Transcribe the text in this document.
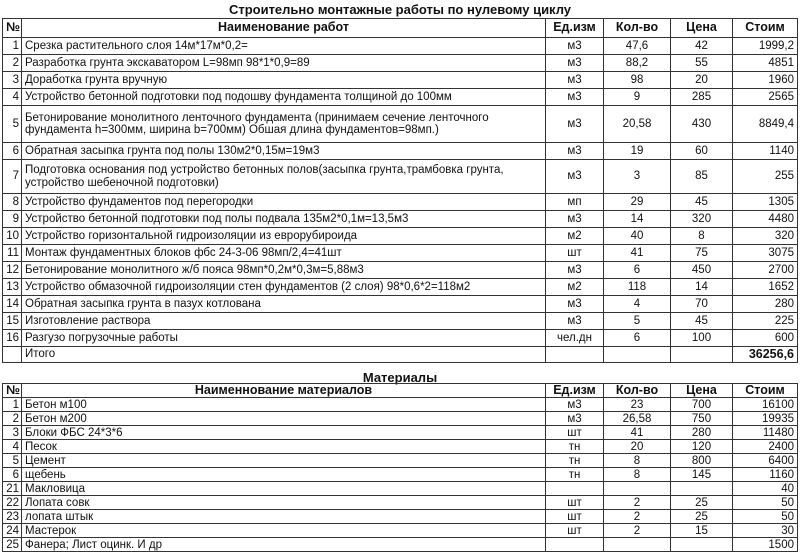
Строительно монтажные работы по нулевому циклу
№	Наименование работ	Ед.изм	Кол-во	Цена	Стоим
1	Срезка растительного слоя 14м*17м*0,2=	м3	47,6	42	1999,2
2	Разработка грунта экскаватором L=98мп 98*1*0,9=89	м3	88,2	55	4851
3	Доработка грунта вручную	м3	98	20	1960
4	Устройство бетонной подготовки под подошву фундамента толщиной до 100мм	м3	9	285	2565
5	Бетонирование монолитного ленточного фундамента (принимаем сечение ленточного фундамента h=300мм, ширина b=700мм) Обшая длина фундаментов=98мп.)	м3	20,58	430	8849,4
6	Обратная засыпка грунта под полы 130м2*0,15м=19м3	м3	19	60	1140
7	Подготовка основания под устройство бетонных полов(засыпка грунта,трамбовка грунта, устройство шебеночной подготовки)	м3	3	85	255
8	Устройство фундаментов под перегородки	мп	29	45	1305
9	Устройство бетонной подготовки под полы подвала 135м2*0,1м=13,5м3	м3	14	320	4480
10	Устройство горизонтальной гидроизоляции из еврорубироида	м2	40	8	320
11	Монтаж фундаментных блоков фбс 24-3-06 98мп/2,4=41шт	шт	41	75	3075
12	Бетонирование монолитного ж/б пояса 98мп*0,2м*0,3м=5,88м3	м3	6	450	2700
13	Устройство обмазочной гидроизоляции стен фундаментов (2 слоя) 98*0,6*2=118м2	м2	118	14	1652
14	Обратная засыпка грунта в пазух котлована	м3	4	70	280
15	Изготовление раствора	м3	5	45	225
16	Разгузо погрузочные работы	чел.дн	6	100	600
	Итого				36256,6
Материалы
№	Наименнование материалов	Ед.изм	Кол-во	Цена	Стоим
1	Бетон м100	м3	23	700	16100
2	Бетон м200	м3	26,58	750	19935
3	Блоки ФБС 24*3*6	шт	41	280	11480
4	Песок	тн	20	120	2400
5	Цемент	тн	8	800	6400
6	щебень	тн	8	145	1160
21	Макловица				40
22	Лопата совк	шт	2	25	50
23	лопата штык	шт	2	25	50
24	Мастерок	шт	2	15	30
25	Фанера; Лист оцинк. И др				1500
